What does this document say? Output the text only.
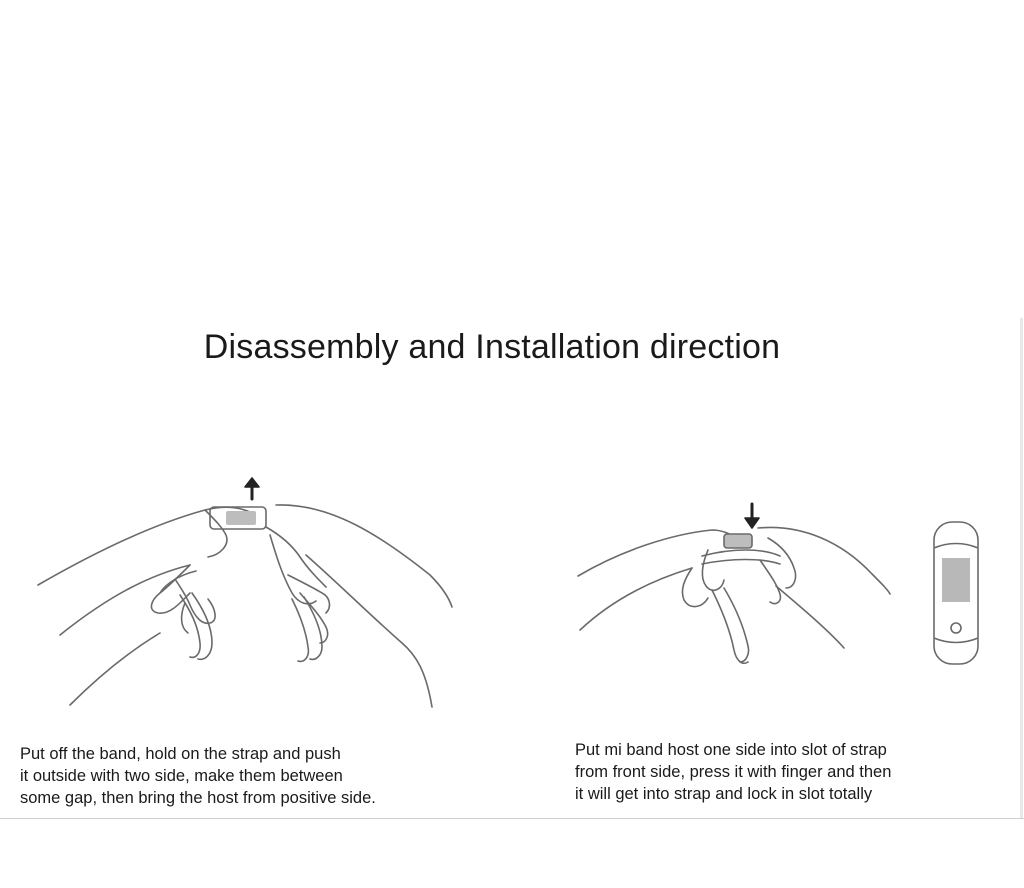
Disassembly and Installation direction
Put off the band, hold on the strap and push
it outside with two side, make them between
some gap, then bring the host from positive side.
Put mi band host one side into slot of strap
from front side, press it with finger and then
it will get into strap and lock in slot totally
